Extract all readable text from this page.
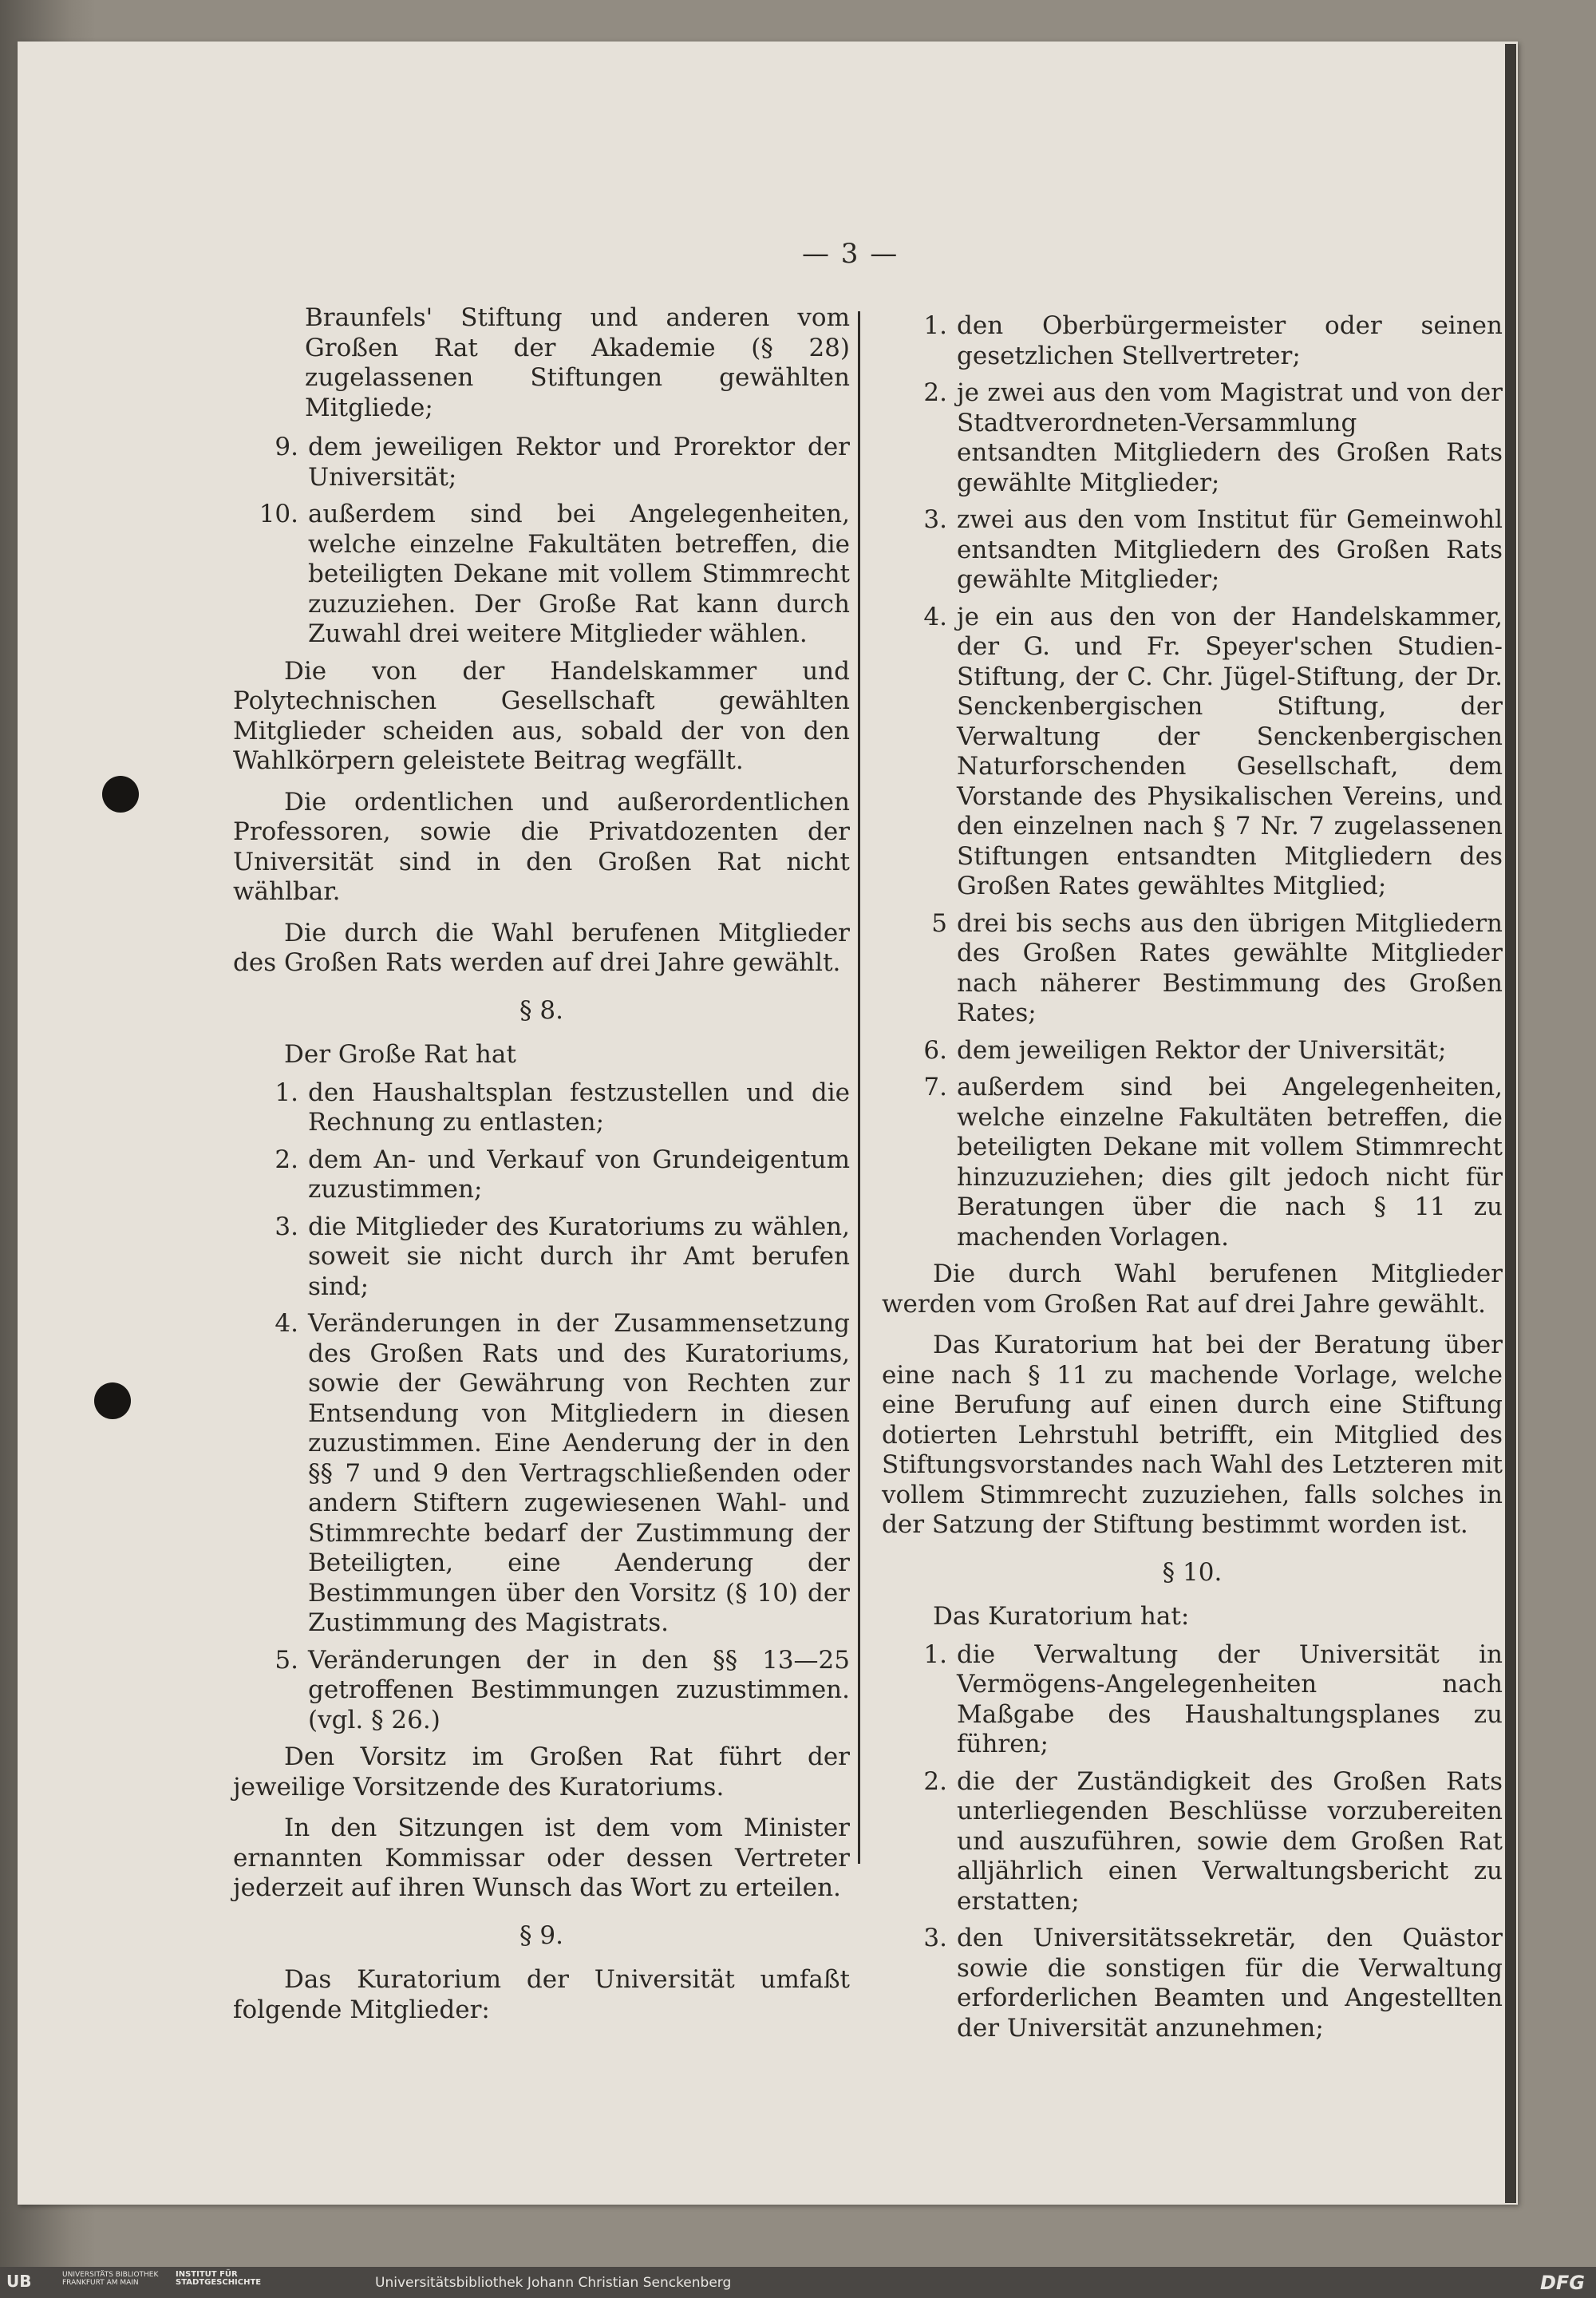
— 3 —

Braunfels' Stiftung und anderen vom Großen Rat der Akademie (§ 28) zugelassenen Stiftungen gewählten Mitgliede;

9. dem jeweiligen Rektor und Prorektor der Universität;
10. außerdem sind bei Angelegenheiten, welche einzelne Fakultäten betreffen, die beteiligten Dekane mit vollem Stimmrecht zuzuziehen. Der Große Rat kann durch Zuwahl drei weitere Mitglieder wählen.

Die von der Handelskammer und Polytechnischen Gesellschaft gewählten Mitglieder scheiden aus, sobald der von den Wahlkörpern geleistete Beitrag wegfällt.

Die ordentlichen und außerordentlichen Professoren, sowie die Privatdozenten der Universität sind in den Großen Rat nicht wählbar.

Die durch die Wahl berufenen Mitglieder des Großen Rats werden auf drei Jahre gewählt.

§ 8.

Der Große Rat hat

1. den Haushaltsplan festzustellen und die Rechnung zu entlasten;
2. dem An- und Verkauf von Grundeigentum zuzustimmen;
3. die Mitglieder des Kuratoriums zu wählen, soweit sie nicht durch ihr Amt berufen sind;
4. Veränderungen in der Zusammensetzung des Großen Rats und des Kuratoriums, sowie der Gewährung von Rechten zur Entsendung von Mitgliedern in diesen zuzustimmen. Eine Aenderung der in den §§ 7 und 9 den Vertragschließenden oder andern Stiftern zugewiesenen Wahl- und Stimmrechte bedarf der Zustimmung der Beteiligten, eine Aenderung der Bestimmungen über den Vorsitz (§ 10) der Zustimmung des Magistrats.
5. Veränderungen der in den §§ 13—25 getroffenen Bestimmungen zuzustimmen. (vgl. § 26.)

Den Vorsitz im Großen Rat führt der jeweilige Vorsitzende des Kuratoriums.

In den Sitzungen ist dem vom Minister ernannten Kommissar oder dessen Vertreter jederzeit auf ihren Wunsch das Wort zu erteilen.

§ 9.

Das Kuratorium der Universität umfaßt folgende Mitglieder:

1. den Oberbürgermeister oder seinen gesetzlichen Stellvertreter;
2. je zwei aus den vom Magistrat und von der Stadtverordneten-Versammlung entsandten Mitgliedern des Großen Rats gewählte Mitglieder;
3. zwei aus den vom Institut für Gemeinwohl entsandten Mitgliedern des Großen Rats gewählte Mitglieder;
4. je ein aus den von der Handelskammer, der G. und Fr. Speyer'schen Studien-Stiftung, der C. Chr. Jügel-Stiftung, der Dr. Senckenbergischen Stiftung, der Verwaltung der Senckenbergischen Naturforschenden Gesellschaft, dem Vorstande des Physikalischen Vereins, und den einzelnen nach § 7 Nr. 7 zugelassenen Stiftungen entsandten Mitgliedern des Großen Rates gewähltes Mitglied;
5 drei bis sechs aus den übrigen Mitgliedern des Großen Rates gewählte Mitglieder nach näherer Bestimmung des Großen Rates;
6. dem jeweiligen Rektor der Universität;
7. außerdem sind bei Angelegenheiten, welche einzelne Fakultäten betreffen, die beteiligten Dekane mit vollem Stimmrecht hinzuzuziehen; dies gilt jedoch nicht für Beratungen über die nach § 11 zu machenden Vorlagen.

Die durch Wahl berufenen Mitglieder werden vom Großen Rat auf drei Jahre gewählt.

Das Kuratorium hat bei der Beratung über eine nach § 11 zu machende Vorlage, welche eine Berufung auf einen durch eine Stiftung dotierten Lehrstuhl betrifft, ein Mitglied des Stiftungsvorstandes nach Wahl des Letzteren mit vollem Stimmrecht zuzuziehen, falls solches in der Satzung der Stiftung bestimmt worden ist.

§ 10.

Das Kuratorium hat:

1. die Verwaltung der Universität in Vermögens-Angelegenheiten nach Maßgabe des Haushaltungsplanes zu führen;
2. die der Zuständigkeit des Großen Rats unterliegenden Beschlüsse vorzubereiten und auszuführen, sowie dem Großen Rat alljährlich einen Verwaltungsbericht zu erstatten;
3. den Universitätssekretär, den Quästor sowie die sonstigen für die Verwaltung erforderlichen Beamten und Angestellten der Universität anzunehmen;
UB	UNIVERSITÄTS BIBLIOTHEK FRANKFURT AM MAIN
INSTITUT FÜR STADTGESCHICHTE	Universitätsbibliothek Johann Christian Senckenberg	DFG
